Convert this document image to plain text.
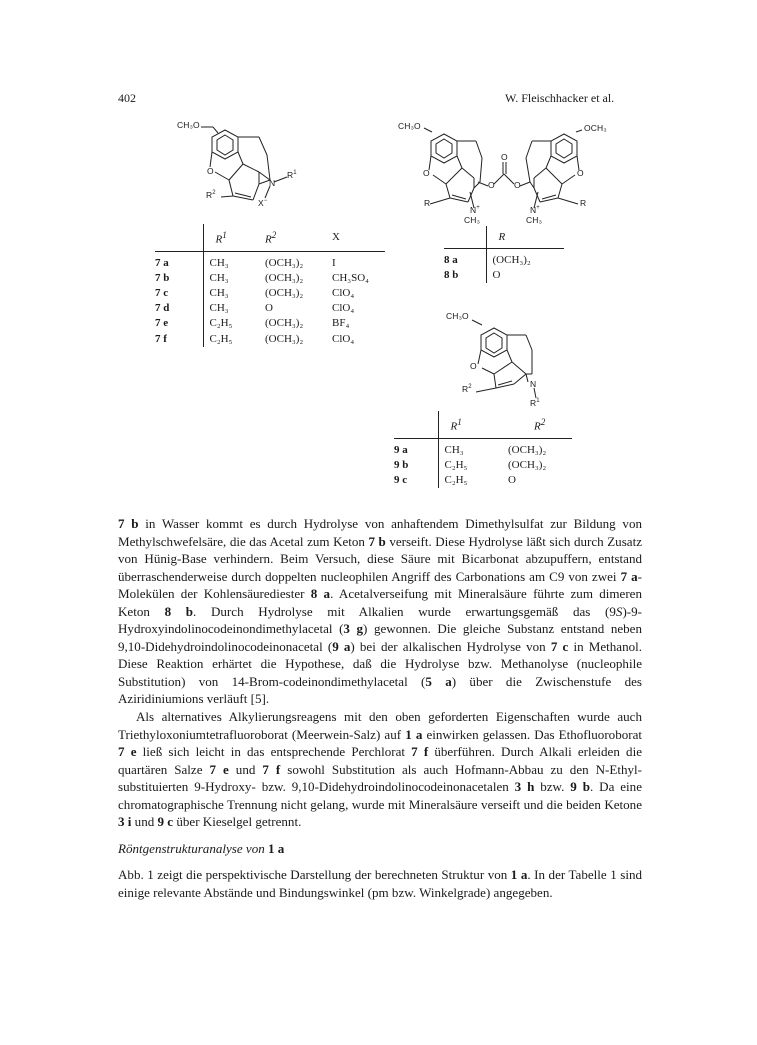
402	W. Fleischhacker et al.
CH₃O
O
N
$R^1$
$R^2$
X−
	$R^1$	$R^2$	X
7 a	CH₃	(OCH₃)₂	I
7 b	CH₃	(OCH₃)₂	CH₃SO₄
7 c	CH₃	(OCH₃)₂	ClO₄
7 d	CH₃	O	ClO₄
7 e	C₂H₅	(OCH₃)₂	BF₄
7 f	C₂H₅	(OCH₃)₂	ClO₄
CH₃O	OCH₃
O
O	O
O O
R	R
N+	N+
CH₃	CH₃
	R
8 a	(OCH₃)₂
8 b	O
CH₃O
O
N
$R^1$
$R^2$
	$R^1$	$R^2$
9 a	CH₃	(OCH₃)₂
9 b	C₂H₅	(OCH₃)₂
9 c	C₂H₅	O

7 b in Wasser kommt es durch Hydrolyse von anhaftendem Dimethylsulfat zur Bildung von Methylschwefelsäre, die das Acetal zum Keton 7 b verseift. Diese Hydrolyse läßt sich durch Zusatz von Hünig-Base verhindern. Beim Versuch, diese Säure mit Bicarbonat abzupuffern, entstand überraschenderweise durch doppelten nucleophilen Angriff des Carbonations am C9 von zwei 7 a-Molekülen der Kohlensäurediester 8 a. Acetalverseifung mit Mineralsäure führte zum dimeren Keton 8 b. Durch Hydrolyse mit Alkalien wurde erwartungsgemäß das (9S)-9-Hydroxyindolinocodeinondimethylacetal (3 g) gewonnen. Die gleiche Substanz entstand neben 9,10-Didehydroindolinocodeinonacetal (9 a) bei der alkalischen Hydrolyse von 7 c in Methanol. Diese Reaktion erhärtet die Hypothese, daß die Hydrolyse bzw. Methanolyse (nucleophile Substitution) von 14-Brom-codeinondimethylacetal (5 a) über die Zwischenstufe des Aziridiniumions verläuft [5].

Als alternatives Alkylierungsreagens mit den oben geforderten Eigenschaften wurde auch Triethyloxoniumtetrafluoroborat (Meerwein-Salz) auf 1 a einwirken gelassen. Das Ethofluoroborat 7 e ließ sich leicht in das entsprechende Perchlorat 7 f überführen. Durch Alkali erleiden die quartären Salze 7 e und 7 f sowohl Substitution als auch Hofmann-Abbau zu den N-Ethyl-substituierten 9-Hydroxy- bzw. 9,10-Didehydroindolinocodeinonacetalen 3 h bzw. 9 b. Da eine chromatographische Trennung nicht gelang, wurde mit Mineralsäure verseift und die beiden Ketone 3 i und 9 c über Kieselgel getrennt.

Röntgenstrukturanalyse von 1 a

Abb. 1 zeigt die perspektivische Darstellung der berechneten Struktur von 1 a. In der Tabelle 1 sind einige relevante Abstände und Bindungswinkel (pm bzw. Winkelgrade) angegeben.
